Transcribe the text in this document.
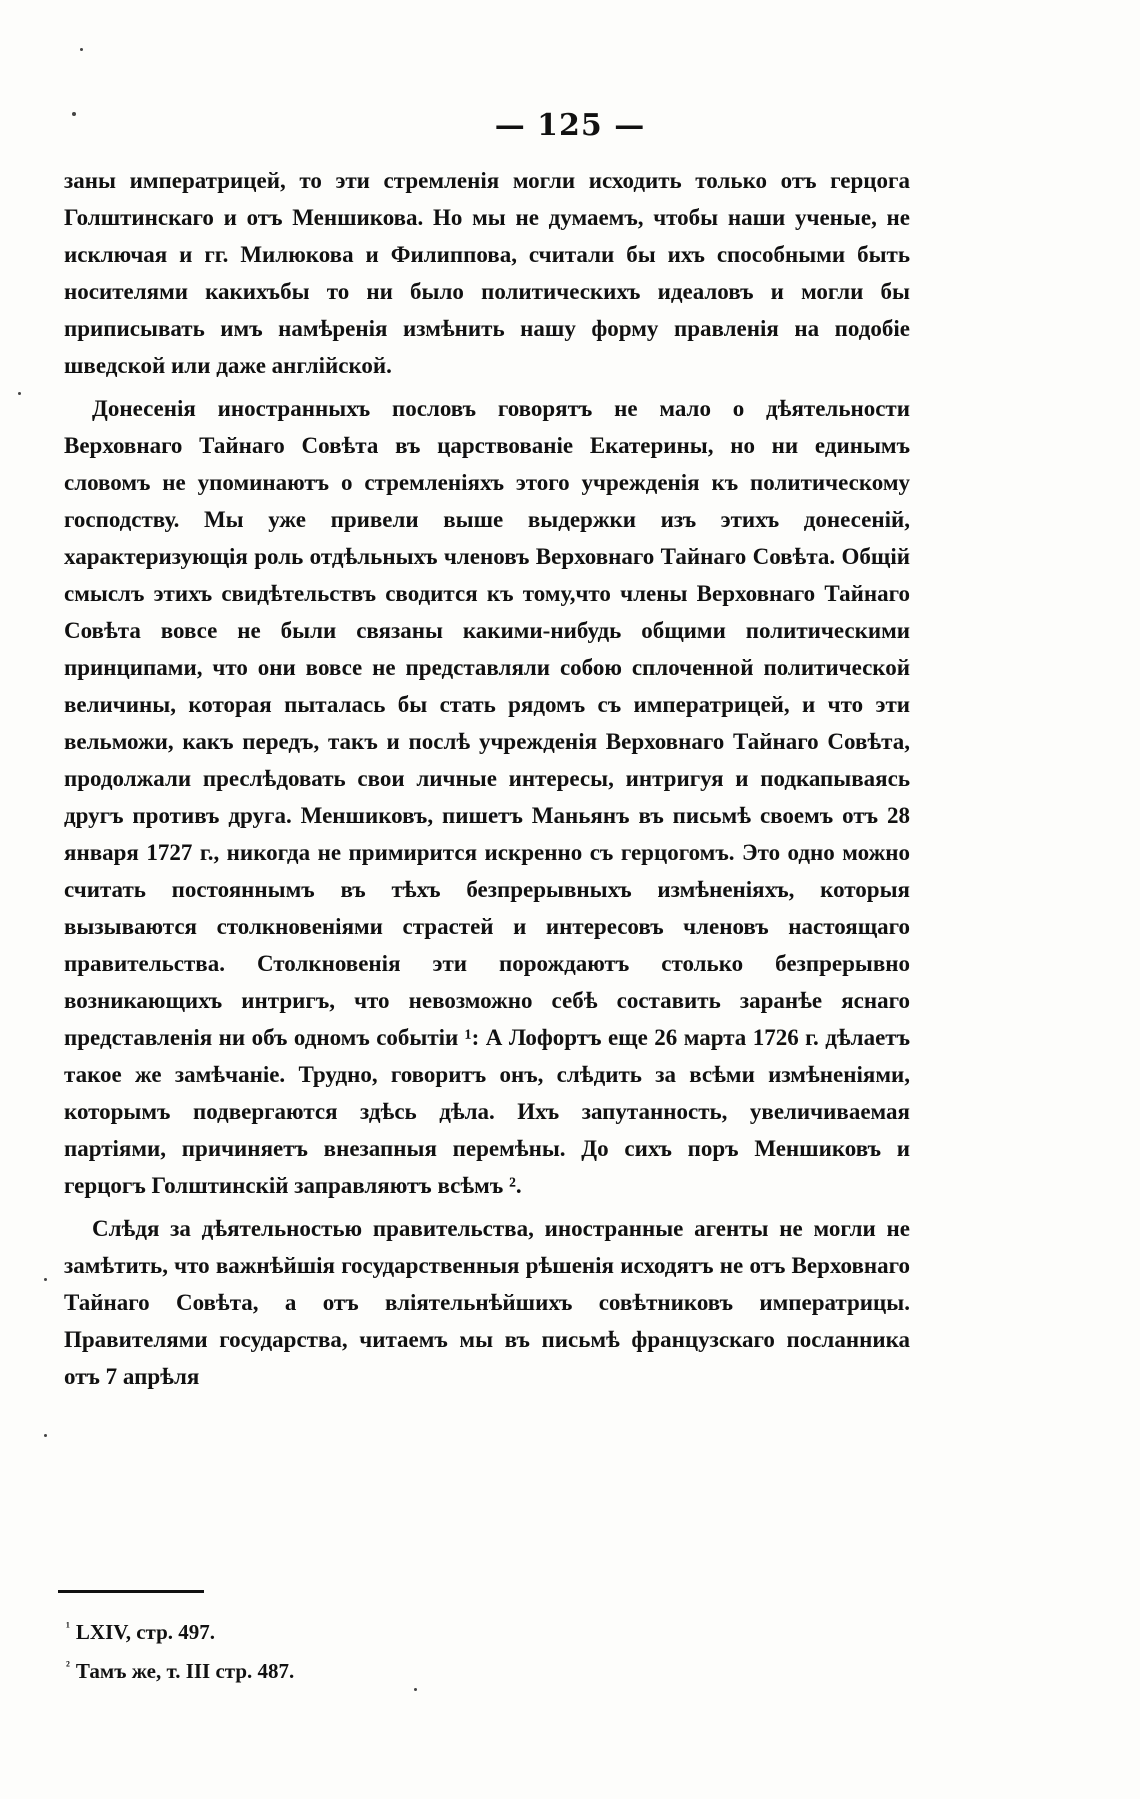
— 125 —

заны императрицей, то эти стремленія могли исходить только отъ герцога Голштинскаго и отъ Меншикова. Но мы не думаемъ, чтобы наши ученые, не исключая и гг. Милюкова и Филиппова, считали бы ихъ способными быть носителями какихъбы то ни было политическихъ идеаловъ и могли бы приписывать имъ намѣренія измѣнить нашу форму правленія на подобіе шведской или даже англійской.

Донесенія иностранныхъ пословъ говорятъ не мало о дѣятельности Верховнаго Тайнаго Совѣта въ царствованіе Екатерины, но ни единымъ словомъ не упоминаютъ о стремленіяхъ этого учрежденія къ политическому господству. Мы уже привели выше выдержки изъ этихъ донесеній, характеризующія роль отдѣльныхъ членовъ Верховнаго Тайнаго Совѣта. Общій смыслъ этихъ свидѣтельствъ сводится къ тому,что члены Верховнаго Тайнаго Совѣта вовсе не были связаны какими-нибудь общими политическими принципами, что они вовсе не представляли собою сплоченной политической величины, которая пыталась бы стать рядомъ съ императрицей, и что эти вельможи, какъ передъ, такъ и послѣ учрежденія Верховнаго Тайнаго Совѣта, продолжали преслѣдовать свои личные интересы, интригуя и подкапываясь другъ противъ друга. Меншиковъ, пишетъ Маньянъ въ письмѣ своемъ отъ 28 января 1727 г., никогда не примирится искренно съ герцогомъ. Это одно можно считать постояннымъ въ тѣхъ безпрерывныхъ измѣненіяхъ, которыя вызываются столкновеніями страстей и интересовъ членовъ настоящаго правительства. Столкновенія эти порождаютъ столько безпрерывно возникающихъ интригъ, что невозможно себѣ составить заранѣе яснаго представленія ни объ одномъ событіи ¹: А Лофортъ еще 26 марта 1726 г. дѣлаетъ такое же замѣчаніе. Трудно, говоритъ онъ, слѣдить за всѣми измѣненіями, которымъ подвергаются здѣсь дѣла. Ихъ запутанность, увеличиваемая партіями, причиняетъ внезапныя перемѣны. До сихъ поръ Меншиковъ и герцогъ Голштинскій заправляютъ всѣмъ ².

Слѣдя за дѣятельностью правительства, иностранные агенты не могли не замѣтить, что важнѣйшія государственныя рѣшенія исходятъ не отъ Верховнаго Тайнаго Совѣта, а отъ вліятельнѣйшихъ совѣтниковъ императрицы. Правителями государства, читаемъ мы въ письмѣ французскаго посланника отъ 7 апрѣля

$^{^1}$ LXIV, стр. 497.
$^{^2}$ Тамъ же, т. III стр. 487.
